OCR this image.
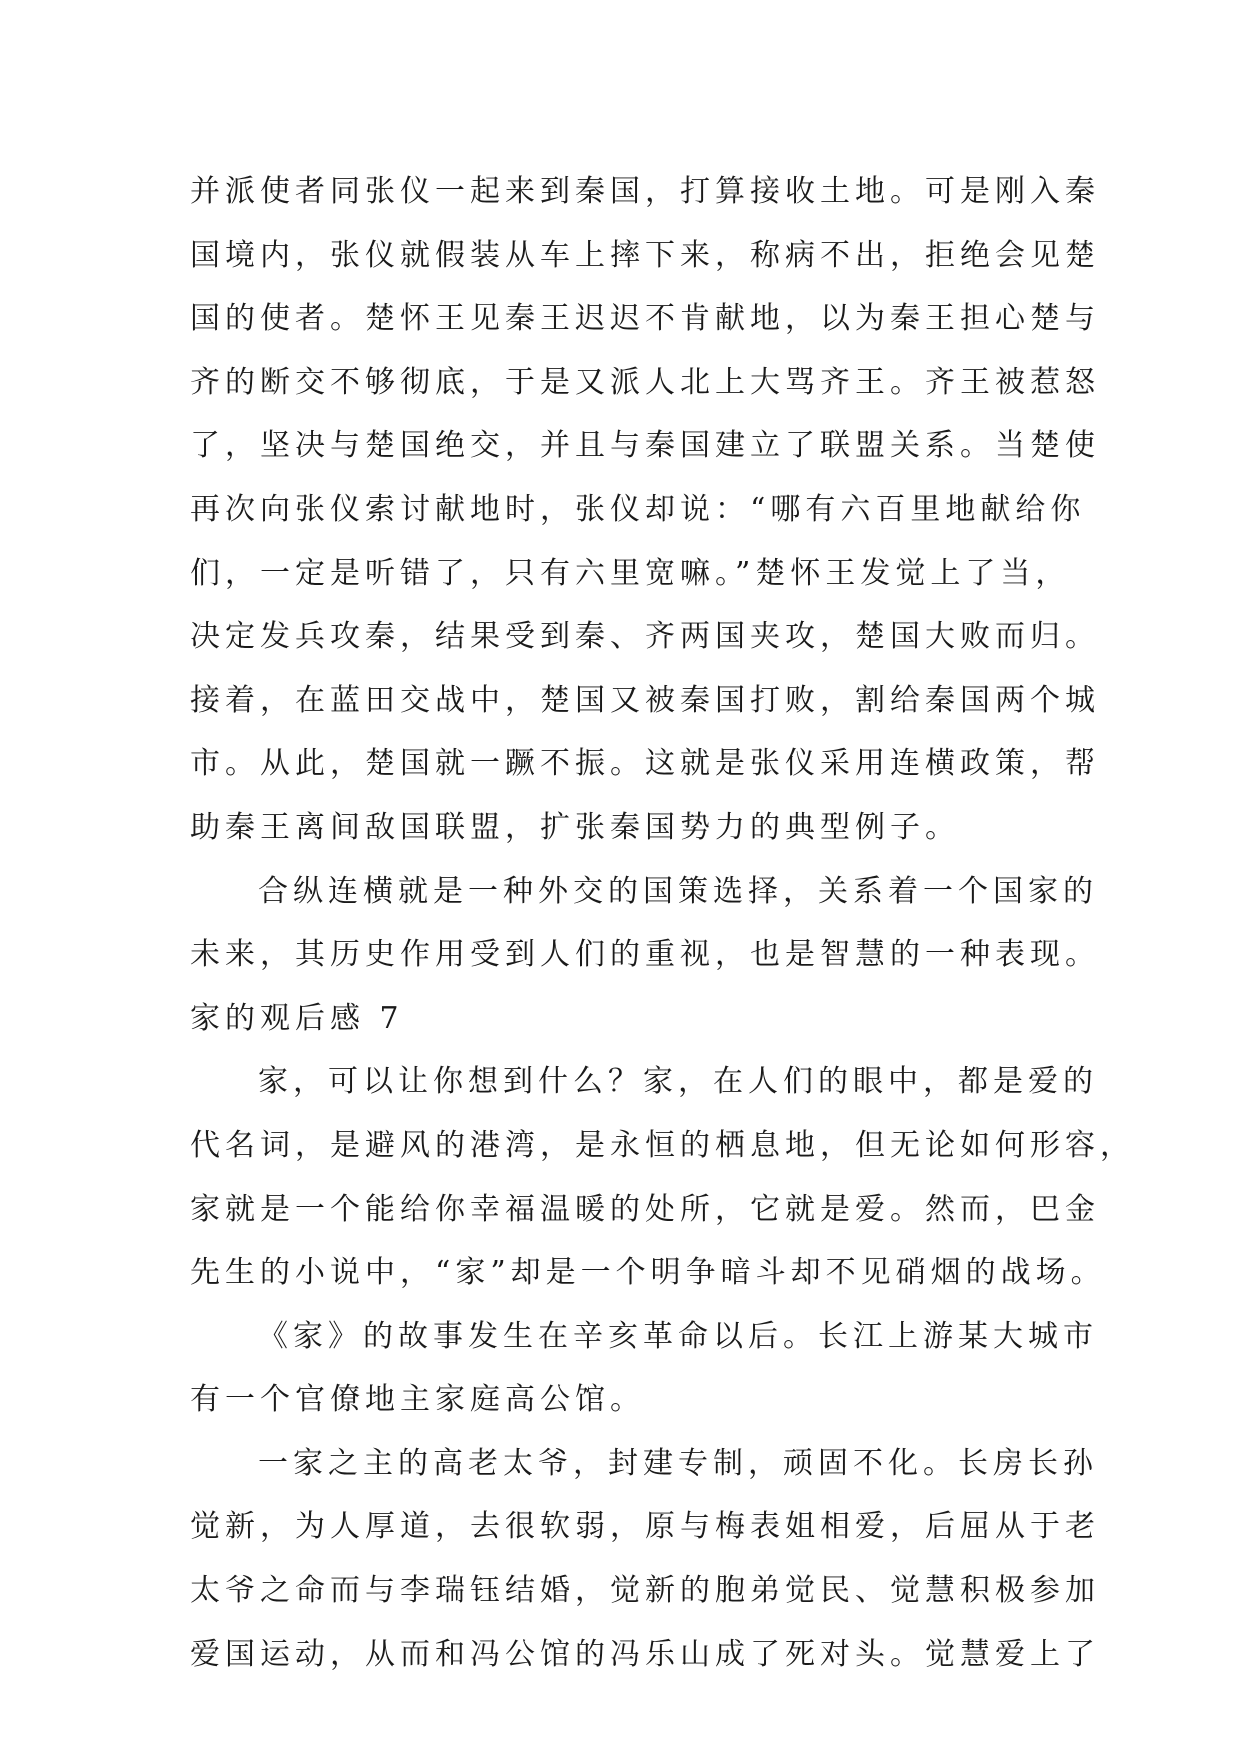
并派使者同张仪一起来到秦国，打算接收土地。可是刚入秦
国境内，张仪就假装从车上摔下来，称病不出，拒绝会见楚
国的使者。楚怀王见秦王迟迟不肯献地，以为秦王担心楚与
齐的断交不够彻底，于是又派人北上大骂齐王。齐王被惹怒
了，坚决与楚国绝交，并且与秦国建立了联盟关系。当楚使
再次向张仪索讨献地时，张仪却说：“哪有六百里地献给你
们，一定是听错了，只有六里宽嘛。”楚怀王发觉上了当，
决定发兵攻秦，结果受到秦、齐两国夹攻，楚国大败而归。
接着，在蓝田交战中，楚国又被秦国打败，割给秦国两个城
市。从此，楚国就一蹶不振。这就是张仪采用连横政策，帮
助秦王离间敌国联盟，扩张秦国势力的典型例子。
合纵连横就是一种外交的国策选择，关系着一个国家的
未来，其历史作用受到人们的重视，也是智慧的一种表现。
家的观后感 7
家，可以让你想到什么？家，在人们的眼中，都是爱的
代名词，是避风的港湾，是永恒的栖息地，但无论如何形容，
家就是一个能给你幸福温暖的处所，它就是爱。然而，巴金
先生的小说中，“家”却是一个明争暗斗却不见硝烟的战场。
《家》的故事发生在辛亥革命以后。长江上游某大城市
有一个官僚地主家庭高公馆。
一家之主的高老太爷，封建专制，顽固不化。长房长孙
觉新，为人厚道，去很软弱，原与梅表姐相爱，后屈从于老
太爷之命而与李瑞钰结婚，觉新的胞弟觉民、觉慧积极参加
爱国运动，从而和冯公馆的冯乐山成了死对头。觉慧爱上了
